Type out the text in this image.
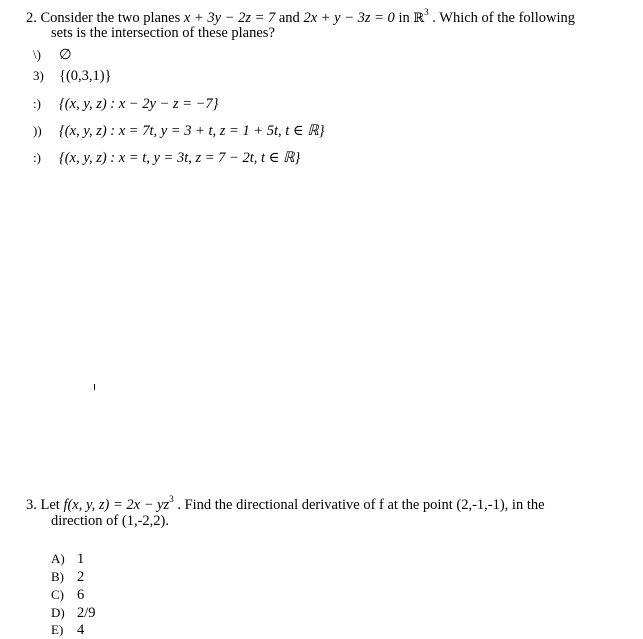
2. Consider the two planes x + 3y − 2z = 7 and 2x + y − 3z = 0 in ℝ$^3$ . Which of the following
sets is the intersection of these planes?
\) ∅
3) {(0,3,1)}
:) {(x, y, z) : x − 2y − z = −7}
)) {(x, y, z) : x = 7t, y = 3 + t, z = 1 + 5t, t ∈ ℝ}
:) {(x, y, z) : x = t, y = 3t, z = 7 − 2t, t ∈ ℝ}
3. Let f(x, y, $z) = 2x - yz^3$ . Find the directional derivative of f at the point (2,-1,-1), in the
direction of (1,-2,2).
A) 1
B) 2
C) 6
D) 2/9
E) 4
